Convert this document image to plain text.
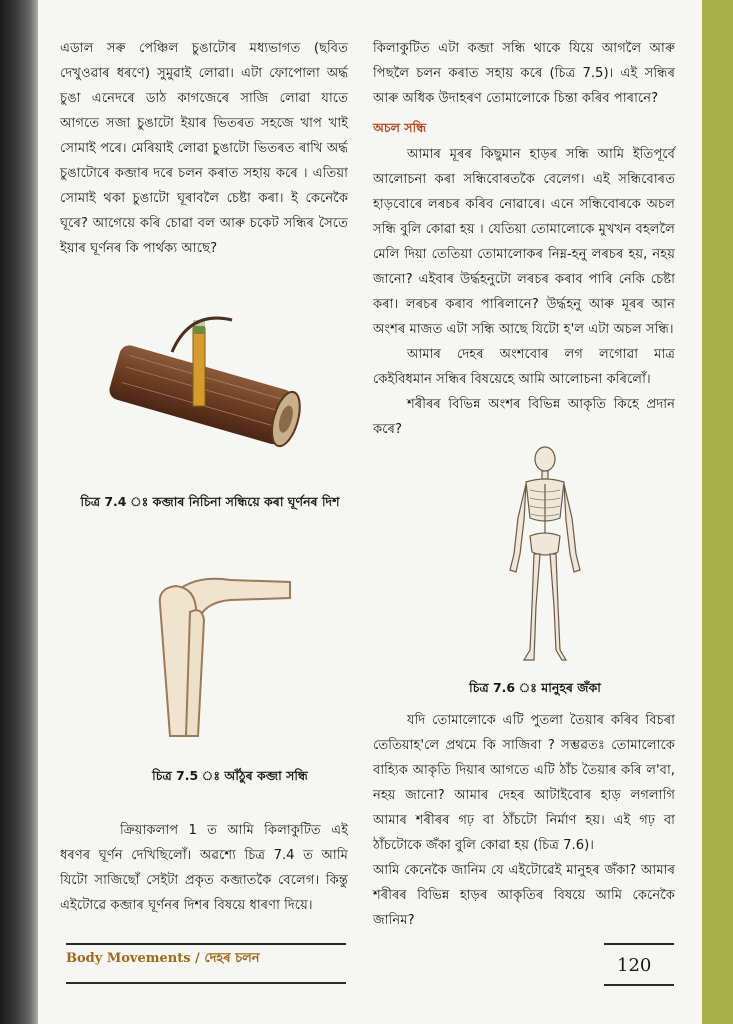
এডাল সৰু পেঞ্চিল চুঙাটোৰ মধ্যভাগত (ছবিত দেখুওৱাৰ ধৰণে) সুমুৱাই লোৱা। এটা ফোপোলা অৰ্দ্ধ চুঙা এনেদৰে ডাঠ কাগজেৰে সাজি লোৱা যাতে আগতে সজা চুঙাটো ইয়াৰ ভিতৰত সহজে খাপ খাই সোমাই পৰে। মেৰিয়াই লোৱা চুঙাটো ভিতৰত ৰাখি অৰ্দ্ধ চুঙাটোৰে কব্জাৰ দৰে চলন কৰাত সহায় কৰে । এতিয়া সোমাই থকা চুঙাটো ঘূৰাবলৈ চেষ্টা কৰা। ই কেনেকৈ ঘূৰে? আগেয়ে কৰি চোৱা বল আৰু চকেট সন্ধিৰ সৈতে ইয়াৰ ঘূৰ্ণনৰ কি পাৰ্থক্য আছে?

চিত্ৰ 7.4 ঃ কব্জাৰ নিচিনা সন্ধিয়ে কৰা ঘূৰ্ণনৰ দিশ
চিত্ৰ 7.5 ঃ আঁঠুৰ কব্জা সন্ধি
ক্ৰিয়াকলাপ 1 ত আমি কিলাকুটিত এই ধৰণৰ ঘূৰ্ণন দেখিছিলোঁ। অৱশ্যে চিত্ৰ 7.4 ত আমি যিটো সাজিছোঁ সেইটা প্ৰকৃত কব্জাতকৈ বেলেগ। কিন্তু এইটোৱে কব্জাৰ ঘূৰ্ণনৰ দিশৰ বিষয়ে ধাৰণা দিয়ে।

কিলাকুটিত এটা কব্জা সন্ধি থাকে যিয়ে আগলৈ আৰু পিছলৈ চলন কৰাত সহায় কৰে (চিত্ৰ 7.5)। এই সন্ধিৰ আৰু অধিক উদাহৰণ তোমালোকে চিন্তা কৰিব পাৰানে?

অচল সন্ধি

আমাৰ মূৰৰ কিছুমান হাড়ৰ সন্ধি আমি ইতিপূৰ্বে আলোচনা কৰা সন্ধিবোৰতকৈ বেলেগ। এই সন্ধিবোৰত হাড়বোৰে লৰচৰ কৰিব নোৱাৰে। এনে সন্ধিবোৰকে অচল সন্ধি বুলি কোৱা হয় । যেতিয়া তোমালোকে মুখখন বহললৈ মেলি দিয়া তেতিয়া তোমালোকৰ নিম্ন-হনু লৰচৰ হয়, নহয় জানো? এইবাৰ উৰ্দ্ধহনুটো লৰচৰ কৰাব পাৰি নেকি চেষ্টা কৰা। লৰচৰ কৰাব পাৰিলানে? উৰ্দ্ধহনু আৰু মূৰৰ আন অংশৰ মাজত এটা সন্ধি আছে যিটো হ'ল এটা অচল সন্ধি।

আমাৰ দেহৰ অংশবোৰ লগ লগোৱা মাত্ৰ কেইবিধমান সন্ধিৰ বিষয়েহে আমি আলোচনা কৰিলোঁ।

শৰীৰৰ বিভিন্ন অংশৰ বিভিন্ন আকৃতি কিহে প্ৰদান কৰে?

চিত্ৰ 7.6 ঃ মানুহৰ জঁকা

যদি তোমালোকে এটি পুতলা তৈয়াৰ কৰিব বিচৰা তেতিয়াহ'লে প্ৰথমে কি সাজিবা ? সম্ভৱতঃ তোমালোকে বাহ্যিক আকৃতি দিয়াৰ আগতে এটি ঠাঁচ তৈয়াৰ কৰি ল'বা, নহয় জানো? আমাৰ দেহৰ আটাইবোৰ হাড় লগলাগি আমাৰ শৰীৰৰ গঢ় বা ঠাঁচটো নিৰ্মাণ হয়। এই গঢ় বা ঠাঁচটোকে জঁকা বুলি কোৱা হয় (চিত্ৰ 7.6)।

আমি কেনেকৈ জানিম যে এইটোৱেই মানুহৰ জঁকা? আমাৰ শৰীৰৰ বিভিন্ন হাড়ৰ আকৃতিৰ বিষয়ে আমি কেনেকৈ জানিম?

Body Movements / দেহৰ চলন	120
